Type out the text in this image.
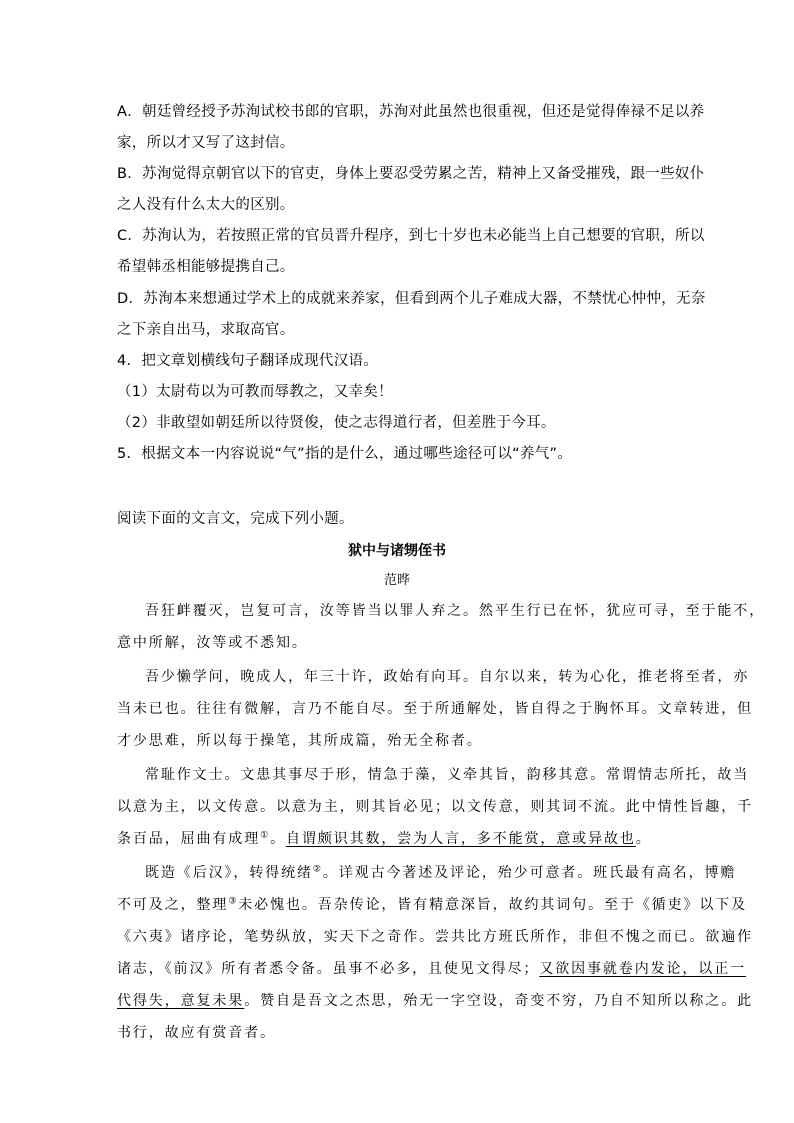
A．朝廷曾经授予苏洵试校书郎的官职，苏洵对此虽然也很重视，但还是觉得俸禄不足以养
家，所以才又写了这封信。
B．苏洵觉得京朝官以下的官吏，身体上要忍受劳累之苦，精神上又备受摧残，跟一些奴仆
之人没有什么太大的区别。
C．苏洵认为，若按照正常的官员晋升程序，到七十岁也未必能当上自己想要的官职，所以
希望韩丞相能够提携自己。
D．苏洵本来想通过学术上的成就来养家，但看到两个儿子难成大器，不禁忧心忡忡，无奈
之下亲自出马，求取高官。
4．把文章划横线句子翻译成现代汉语。
（1）太尉苟以为可教而辱教之，又幸矣！
（2）非敢望如朝廷所以待贤俊，使之志得道行者，但差胜于今耳。
5．根据文本一内容说说“气”指的是什么，通过哪些途径可以“养气”。
阅读下面的文言文，完成下列小题。
狱中与诸甥侄书
范晔
吾狂衅覆灭，岂复可言，汝等皆当以罪人弃之。然平生行已在怀，犹应可寻，至于能不，
意中所解，汝等或不悉知。
吾少懒学问，晚成人，年三十许，政始有向耳。自尔以来，转为心化，推老将至者，亦
当未已也。往往有微解，言乃不能自尽。至于所通解处，皆自得之于胸怀耳。文章转进，但
才少思难，所以每于操笔，其所成篇，殆无全称者。
常耻作文士。文患其事尽于形，情急于藻，义牵其旨，韵移其意。常谓情志所托，故当
以意为主，以文传意。以意为主，则其旨必见；以文传意，则其词不流。此中情性旨趣，千
条百品，屈曲有成理①。自谓颇识其数，尝为人言，多不能赏，意或异故也。
既造《后汉》，转得统绪②。详观古今著述及评论，殆少可意者。班氏最有高名，博赡
不可及之，整理③未必愧也。吾杂传论，皆有精意深旨，故约其词句。至于《循吏》以下及
《六夷》诸序论，笔势纵放，实天下之奇作。尝共比方班氏所作，非但不愧之而已。欲遍作
诸志，《前汉》所有者悉令备。虽事不必多，且使见文得尽；又欲因事就卷内发论，以正一
代得失，意复未果。赞自是吾文之杰思，殆无一字空设，奇变不穷，乃自不知所以称之。此
书行，故应有赏音者。
